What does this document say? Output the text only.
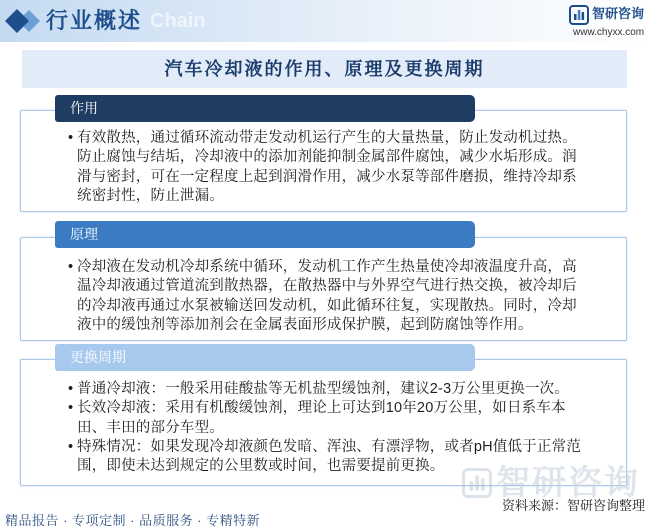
行业概述 Chain	智研咨询
www.chyxx.com
汽车冷却液的作用、原理及更换周期
作用
• 有效散热，通过循环流动带走发动机运行产生的大量热量，防止发动机过热。防止腐蚀与结垢，冷却液中的添加剂能抑制金属部件腐蚀，减少水垢形成。润滑与密封，可在一定程度上起到润滑作用，减少水泵等部件磨损，维持冷却系统密封性，防止泄漏。
原理
• 冷却液在发动机冷却系统中循环，发动机工作产生热量使冷却液温度升高，高温冷却液通过管道流到散热器，在散热器中与外界空气进行热交换，被冷却后的冷却液再通过水泵被输送回发动机，如此循环往复，实现散热。同时，冷却液中的缓蚀剂等添加剂会在金属表面形成保护膜，起到防腐蚀等作用。
更换周期
• 普通冷却液：一般采用硅酸盐等无机盐型缓蚀剂，建议2-3万公里更换一次。
• 长效冷却液：采用有机酸缓蚀剂，理论上可达到10年20万公里，如日系车本田、丰田的部分车型。
• 特殊情况：如果发现冷却液颜色发暗、浑浊、有漂浮物，或者pH值低于正常范围，即使未达到规定的公里数或时间，也需要提前更换。	智研咨询
资料来源：智研咨询整理
精品报告 · 专项定制 · 品质服务 · 专精特新
